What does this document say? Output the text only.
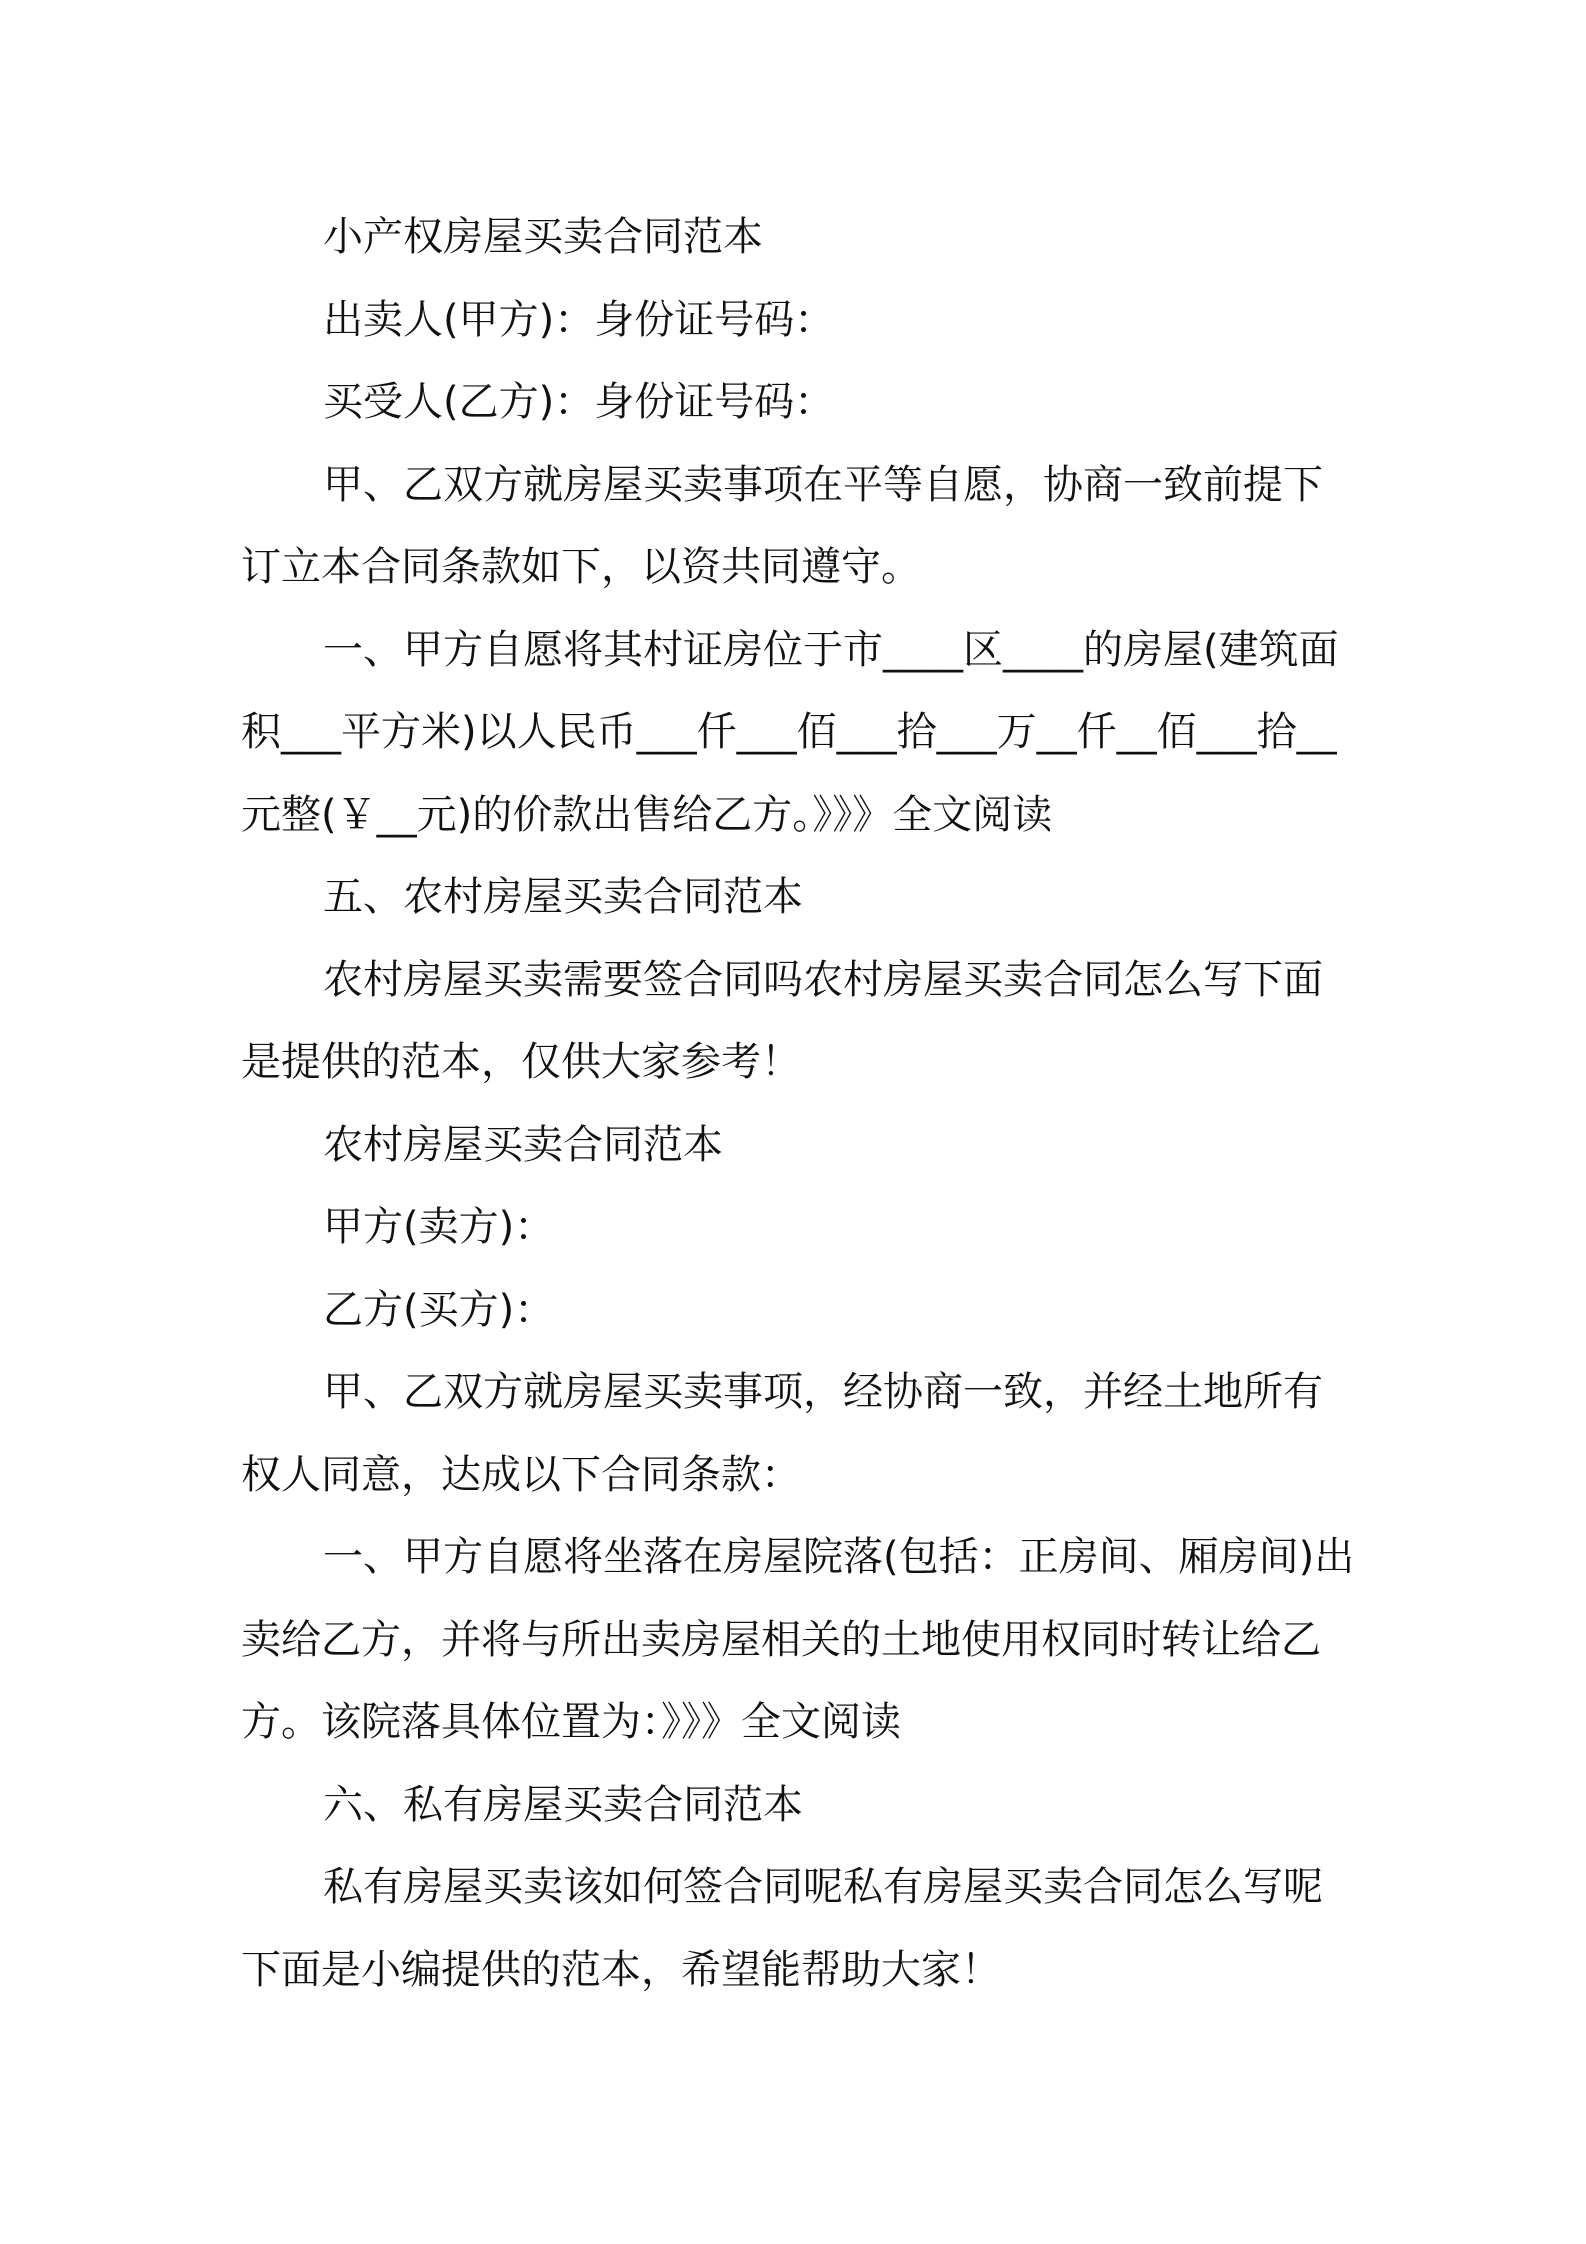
小产权房屋买卖合同范本

出卖人(甲方)：身份证号码：

买受人(乙方)：身份证号码：

甲、乙双方就房屋买卖事项在平等自愿，协商一致前提下订立本合同条款如下，以资共同遵守。

一、甲方自愿将其村证房位于市____区____的房屋(建筑面积___平方米)以人民币___仟___佰___拾___万__仟__佰___拾__元整(￥__元)的价款出售给乙方。》》》全文阅读

五、农村房屋买卖合同范本

农村房屋买卖需要签合同吗农村房屋买卖合同怎么写下面是提供的范本，仅供大家参考！

农村房屋买卖合同范本

甲方(卖方)：

乙方(买方)：

甲、乙双方就房屋买卖事项，经协商一致，并经土地所有权人同意，达成以下合同条款：

一、甲方自愿将坐落在房屋院落(包括：正房间、厢房间)出卖给乙方，并将与所出卖房屋相关的土地使用权同时转让给乙方。该院落具体位置为：》》》全文阅读

六、私有房屋买卖合同范本

私有房屋买卖该如何签合同呢私有房屋买卖合同怎么写呢下面是小编提供的范本，希望能帮助大家！
